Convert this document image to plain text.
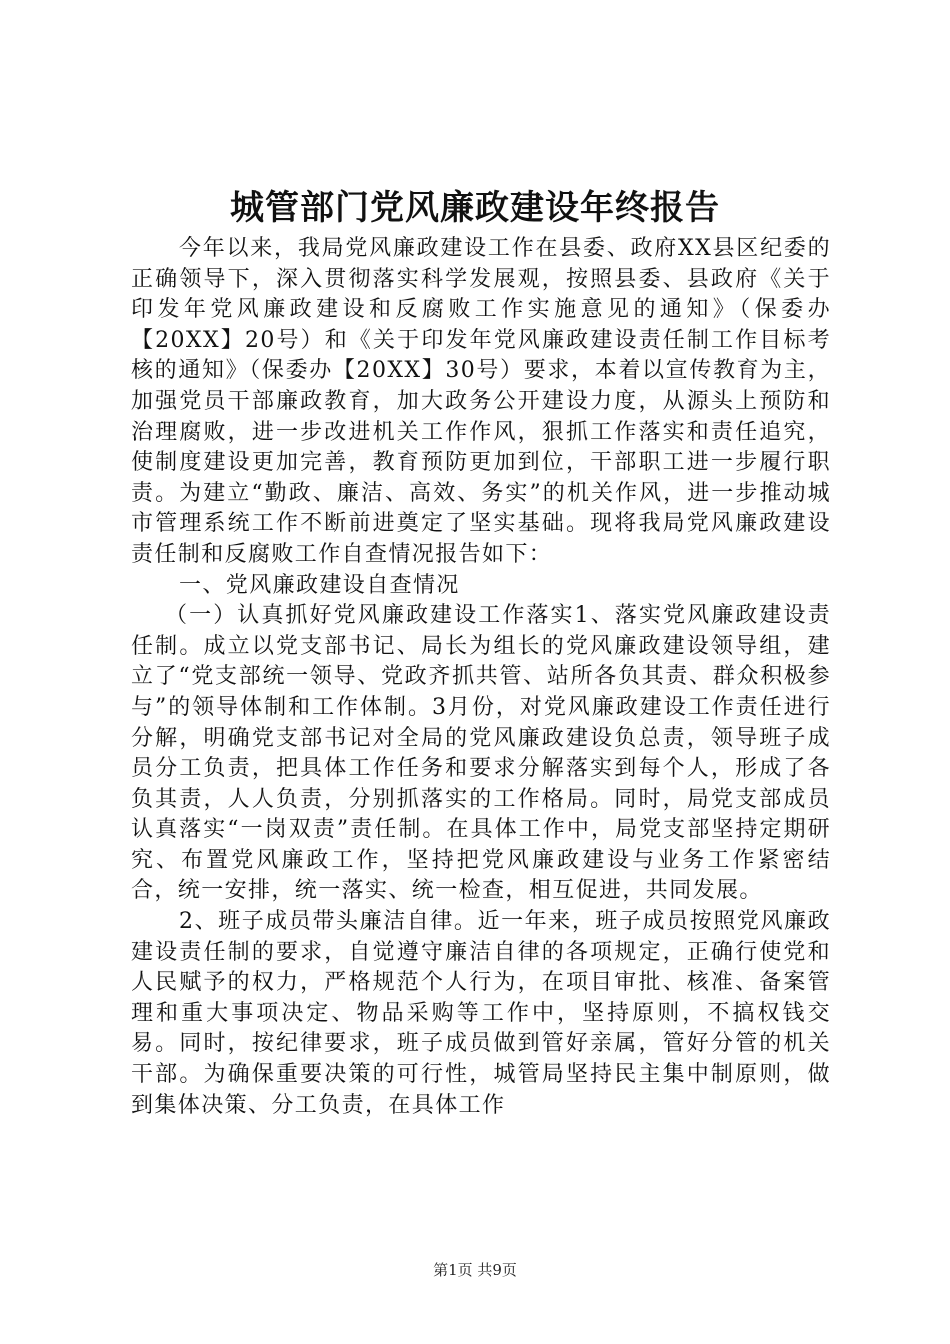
城管部门党风廉政建设年终报告

今年以来，我局党风廉政建设工作在县委、政府XX县区纪委的正确领导下，深入贯彻落实科学发展观，按照县委、县政府《关于印发年党风廉政建设和反腐败工作实施意见的通知》（保委办【20XX】20号）和《关于印发年党风廉政建设责任制工作目标考核的通知》（保委办【20XX】30号）要求，本着以宣传教育为主，加强党员干部廉政教育，加大政务公开建设力度，从源头上预防和治理腐败，进一步改进机关工作作风，狠抓工作落实和责任追究，使制度建设更加完善，教育预防更加到位，干部职工进一步履行职责。为建立“勤政、廉洁、高效、务实”的机关作风，进一步推动城市管理系统工作不断前进奠定了坚实基础。现将我局党风廉政建设责任制和反腐败工作自查情况报告如下：

一、党风廉政建设自查情况

（一）认真抓好党风廉政建设工作落实1、落实党风廉政建设责任制。成立以党支部书记、局长为组长的党风廉政建设领导组，建立了“党支部统一领导、党政齐抓共管、站所各负其责、群众积极参与”的领导体制和工作体制。3月份，对党风廉政建设工作责任进行分解，明确党支部书记对全局的党风廉政建设负总责，领导班子成员分工负责，把具体工作任务和要求分解落实到每个人，形成了各负其责，人人负责，分别抓落实的工作格局。同时，局党支部成员认真落实“一岗双责”责任制。在具体工作中，局党支部坚持定期研究、布置党风廉政工作，坚持把党风廉政建设与业务工作紧密结合，统一安排，统一落实、统一检查，相互促进，共同发展。

2、班子成员带头廉洁自律。近一年来，班子成员按照党风廉政建设责任制的要求，自觉遵守廉洁自律的各项规定，正确行使党和人民赋予的权力，严格规范个人行为，在项目审批、核准、备案管理和重大事项决定、物品采购等工作中，坚持原则，不搞权钱交易。同时，按纪律要求，班子成员做到管好亲属，管好分管的机关干部。为确保重要决策的可行性，城管局坚持民主集中制原则，做到集体决策、分工负责，在具体工作

第1页 共9页
